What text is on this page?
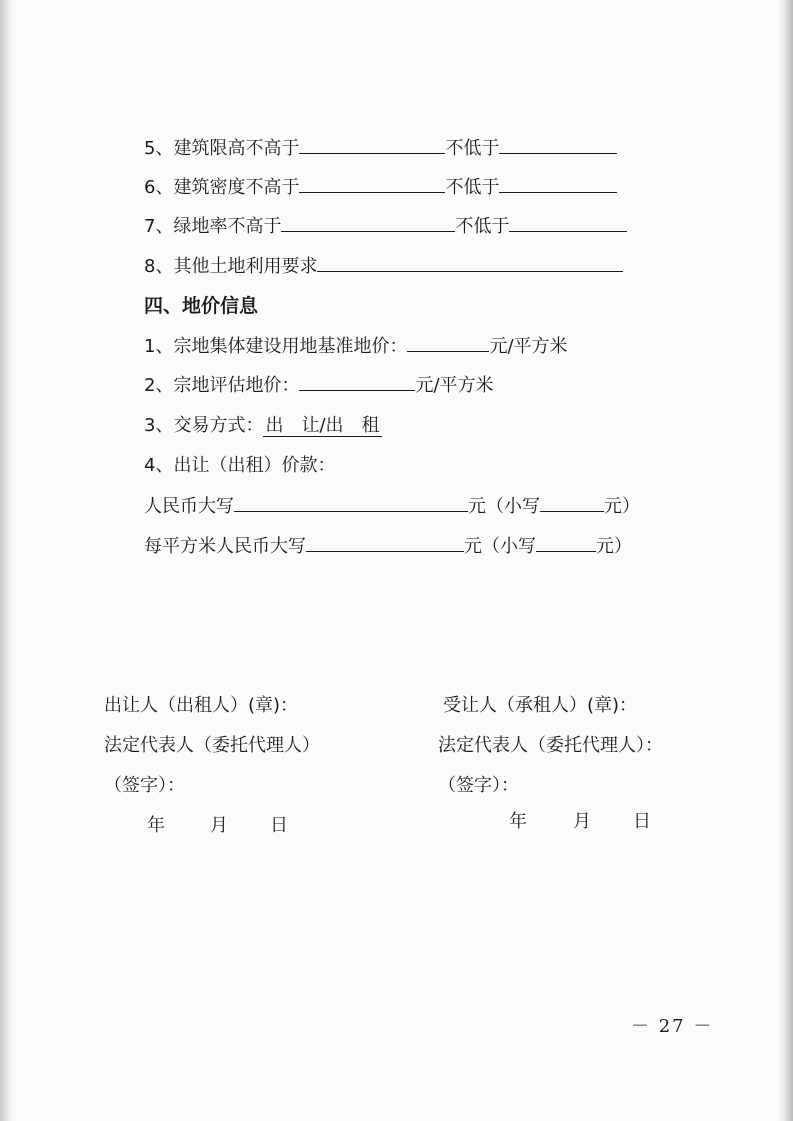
5、建筑限高不高于	不低于
6、建筑密度不高于	不低于
7、绿地率不高于	不低于
8、其他土地利用要求
四、地价信息
1、宗地集体建设用地基准地价：	元/平方米
2、宗地评估地价：	元/平方米
3、交易方式： 出　让/出　租
4、出让（出租）价款：
人民币大写	元（小写	元）
每平方米人民币大写	元（小写	元）
出让人（出租人）(章)：
法定代表人（委托代理人）
（签字）：
年	月 日
受让人（承租人）(章)：
法定代表人（委托代理人）：
（签字）：
年	月 日
－ 27 －
